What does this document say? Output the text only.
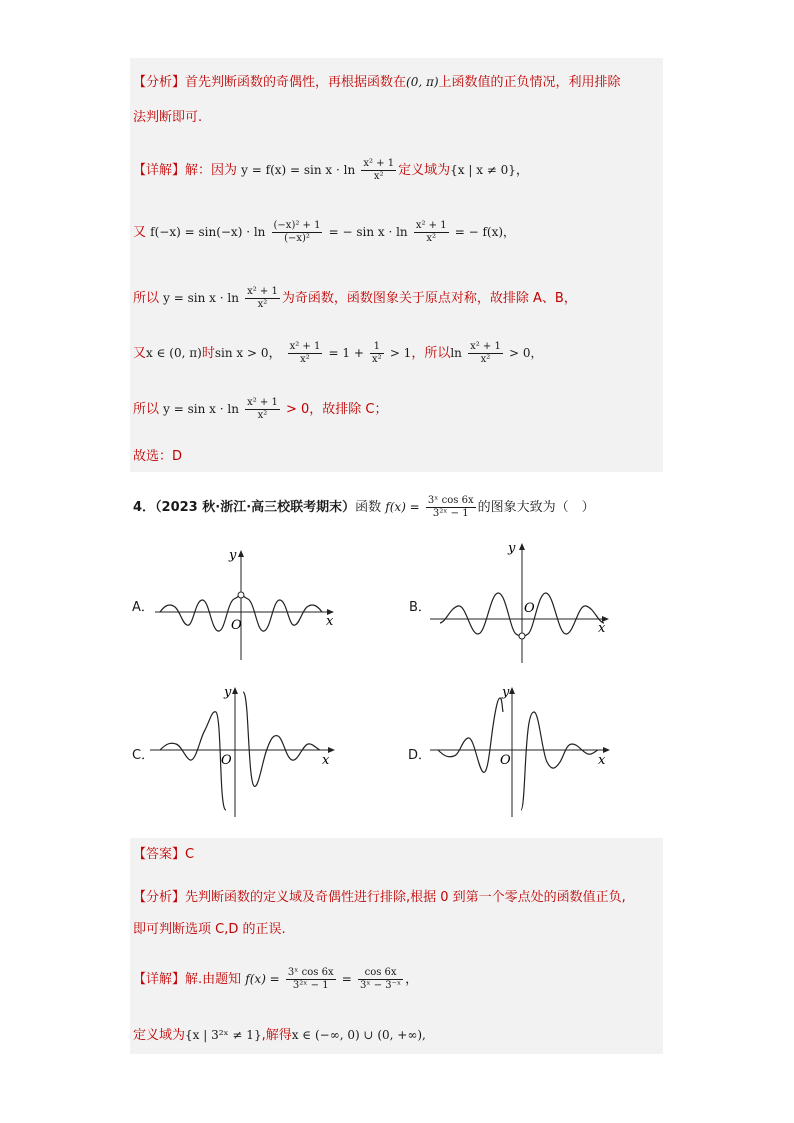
【分析】首先判断函数的奇偶性，再根据函数在(0, π)上函数值的正负情况，利用排除
法判断即可.
【详解】解：因为 $y = f(x) = \sin x \cdot \ln \frac{\text{x² + 1}}{\text{x²}}$ 定义域为{x | x ≠ 0}，
又 $f(-x) = \sin(-x) \cdot \ln \frac{\text{(−x)² + 1}}{\text{(−x)²}}$ = − $\sin x \cdot \ln \frac{\text{x² + 1}}{\text{x²}}$ = − f(x)，
所以 $y = \sin x \cdot \ln \frac{\text{x² + 1}}{\text{x²}}$ 为奇函数，函数图象关于原点对称，故排除 A、B，
又x ∈ (0, π)时sin x > 0， $\frac{\text{x² + 1}}{\text{x²}} = 1 + \frac{1}{\text{x²}} > 1$，所以$\ln \frac{\text{x² + 1}}{\text{x²}} > 0$，
所以 $y = \sin x \cdot \ln \frac{\text{x² + 1}}{\text{x²}} > 0$，故排除 C；
故选：D
4．（2023 秋·浙江·高三校联考期末）函数 $f(x) = \frac{\text{3ˣ cos 6x}}{\text{3²ˣ − 1}}$ 的图象大致为（　）
A．	B．
C．	D．
x
y
O	x
y
O
x
y
O	x
y
O
【答案】C
【分析】先判断函数的定义域及奇偶性进行排除,根据 0 到第一个零点处的函数值正负,
即可判断选项 C,D 的正误.
【详解】解.由题知 $f(x) = \frac{\text{3ˣ cos 6x}}{\text{3²ˣ − 1}} = \frac{\cos 6x}{\text{3ˣ − 3⁻ˣ}}$ ，
定义域为{x | 3²ˣ ≠ 1},解得x ∈ (−∞, 0) ∪ (0, +∞),
